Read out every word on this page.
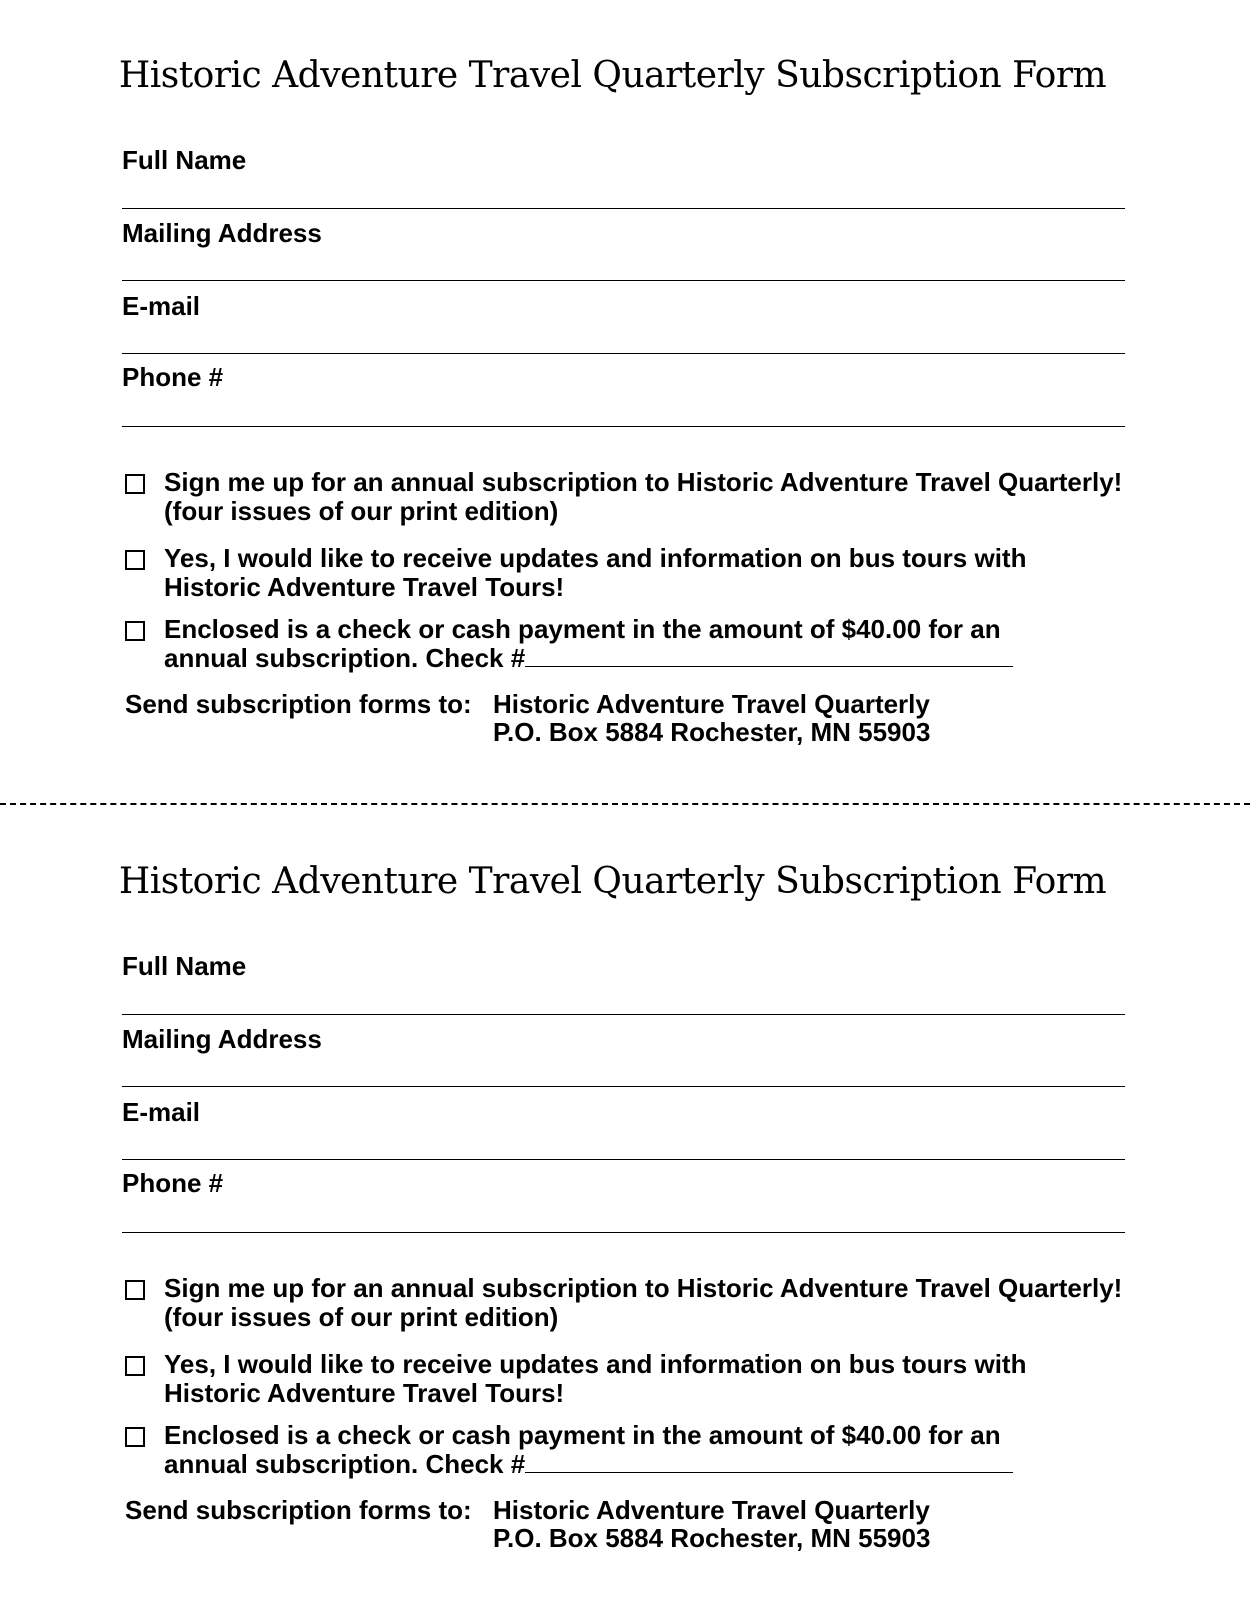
Historic Adventure Travel Quarterly Subscription Form
Full Name
Mailing Address
E-mail
Phone #
Sign me up for an annual subscription to Historic Adventure Travel Quarterly!
(four issues of our print edition)
Yes, I would like to receive updates and information on bus tours with
Historic Adventure Travel Tours!
Enclosed is a check or cash payment in the amount of $40.00 for an
annual subscription. Check #
Send subscription forms to: Historic Adventure Travel Quarterly
P.O. Box 5884 Rochester, MN 55903
Historic Adventure Travel Quarterly Subscription Form
Full Name
Mailing Address
E-mail
Phone #
Sign me up for an annual subscription to Historic Adventure Travel Quarterly!
(four issues of our print edition)
Yes, I would like to receive updates and information on bus tours with
Historic Adventure Travel Tours!
Enclosed is a check or cash payment in the amount of $40.00 for an
annual subscription. Check #
Send subscription forms to: Historic Adventure Travel Quarterly
P.O. Box 5884 Rochester, MN 55903
